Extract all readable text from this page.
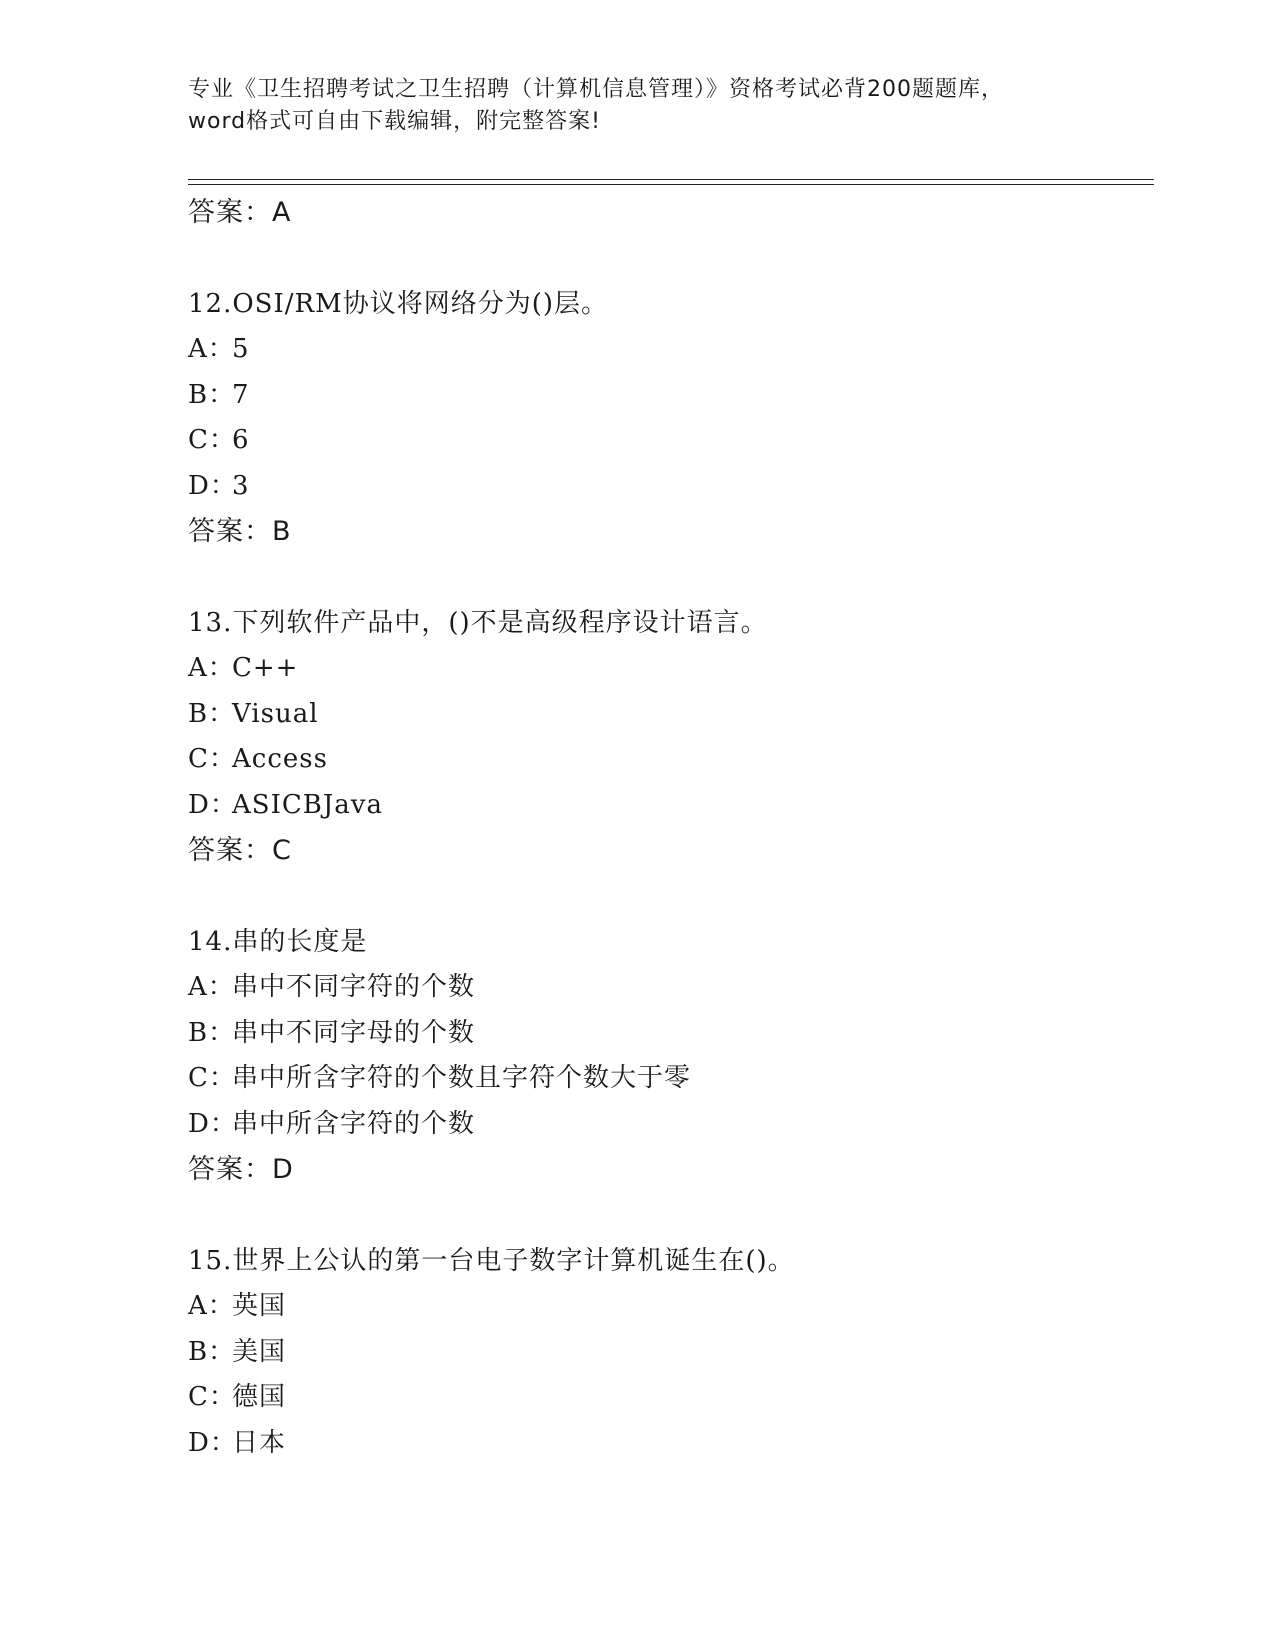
专业《卫生招聘考试之卫生招聘（计算机信息管理）》资格考试必背200题题库，
word格式可自由下载编辑，附完整答案!
答案：A
12.OSI/RM协议将网络分为()层。
A：5
B：7
C：6
D：3
答案：B
13.下列软件产品中，()不是高级程序设计语言。
A：C++
B：Visual
C：Access
D：ASICBJava
答案：C
14.串的长度是
A：串中不同字符的个数
B：串中不同字母的个数
C：串中所含字符的个数且字符个数大于零
D：串中所含字符的个数
答案：D
15.世界上公认的第一台电子数字计算机诞生在()。
A：英国
B：美国
C：德国
D：日本
